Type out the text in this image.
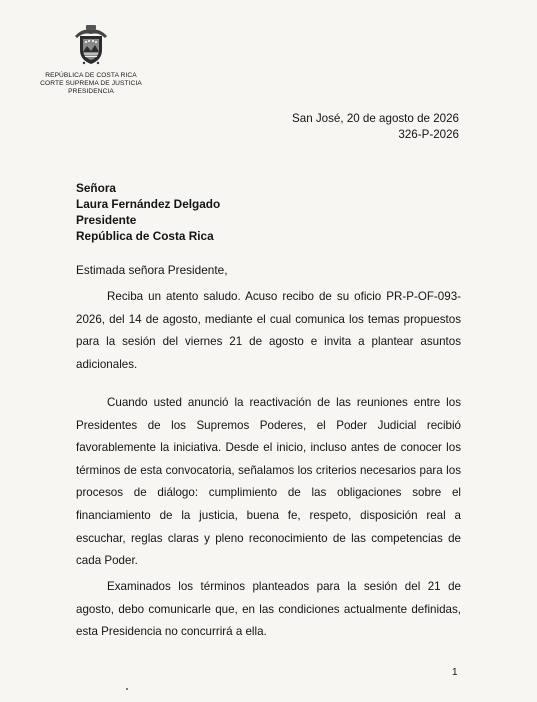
REPÚBLICA DE COSTA RICA
CORTE SUPREMA DE JUSTICIA
PRESIDENCIA
San José, 20 de agosto de 2026
326-P-2026
Señora
Laura Fernández Delgado
Presidente
República de Costa Rica
Estimada señora Presidente,

Reciba un atento saludo. Acuso recibo de su oficio PR-P-OF-093-2026, del 14 de agosto, mediante el cual comunica los temas propuestos para la sesión del viernes 21 de agosto e invita a plantear asuntos adicionales.

Cuando usted anunció la reactivación de las reuniones entre los Presidentes de los Supremos Poderes, el Poder Judicial recibió favorablemente la iniciativa. Desde el inicio, incluso antes de conocer los términos de esta convocatoria, señalamos los criterios necesarios para los procesos de diálogo: cumplimiento de las obligaciones sobre el financiamiento de la justicia, buena fe, respeto, disposición real a escuchar, reglas claras y pleno reconocimiento de las competencias de cada Poder.

Examinados los términos planteados para la sesión del 21 de agosto, debo comunicarle que, en las condiciones actualmente definidas, esta Presidencia no concurrirá a ella.

1
